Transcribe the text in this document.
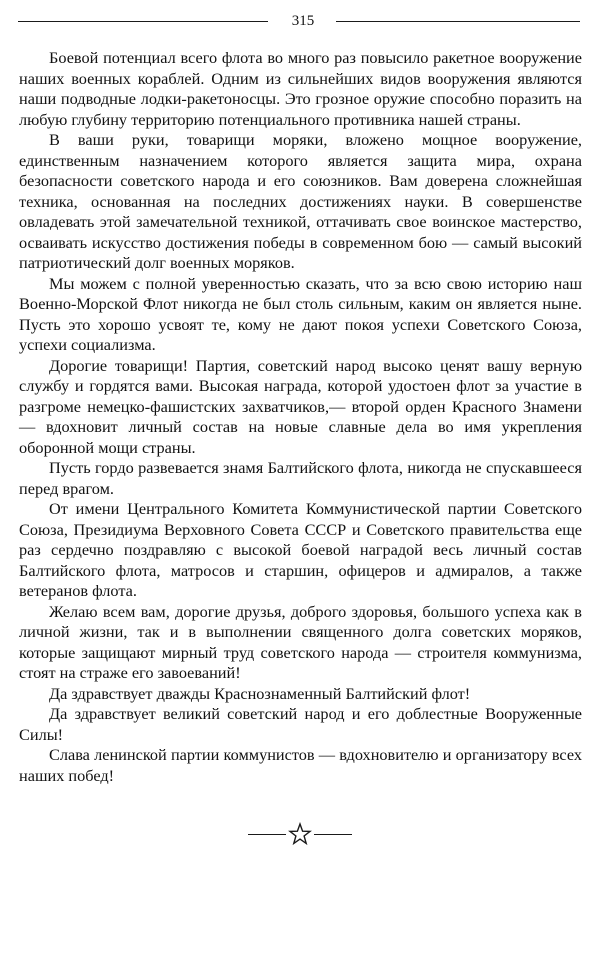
315

Боевой потенциал всего флота во много раз повысило ракетное вооружение наших военных кораблей. Одним из сильнейших видов вооружения являются наши подводные лодки-ракетоносцы. Это грозное оружие способно поразить на любую глубину территорию потенциального противника нашей страны.

В ваши руки, товарищи моряки, вложено мощное вооружение, единственным назначением которого является защита мира, охрана безопасности советского народа и его союзников. Вам доверена сложнейшая техника, основанная на последних достижениях науки. В совершенстве овладевать этой замечательной техникой, оттачивать свое воинское мастерство, осваивать искусство достижения победы в современном бою — самый высокий патриотический долг военных моряков.

Мы можем с полной уверенностью сказать, что за всю свою историю наш Военно-Морской Флот никогда не был столь сильным, каким он является ныне. Пусть это хорошо усвоят те, кому не дают покоя успехи Советского Союза, успехи социализма.

Дорогие товарищи! Партия, советский народ высоко ценят вашу верную службу и гордятся вами. Высокая награда, которой удостоен флот за участие в разгроме немецко-фашистских захватчиков,— второй орден Красного Знамени — вдохновит личный состав на новые славные дела во имя укрепления оборонной мощи страны.

Пусть гордо развевается знамя Балтийского флота, никогда не спускавшееся перед врагом.

От имени Центрального Комитета Коммунистической партии Советского Союза, Президиума Верховного Совета СССР и Советского правительства еще раз сердечно поздравляю с высокой боевой наградой весь личный состав Балтийского флота, матросов и старшин, офицеров и адмиралов, а также ветеранов флота.

Желаю всем вам, дорогие друзья, доброго здоровья, большого успеха как в личной жизни, так и в выполнении священного долга советских моряков, которые защищают мирный труд советского народа — строителя коммунизма, стоят на страже его завоеваний!

Да здравствует дважды Краснознаменный Балтийский флот!

Да здравствует великий советский народ и его доблестные Вооруженные Силы!

Слава ленинской партии коммунистов — вдохновителю и организатору всех наших побед!
